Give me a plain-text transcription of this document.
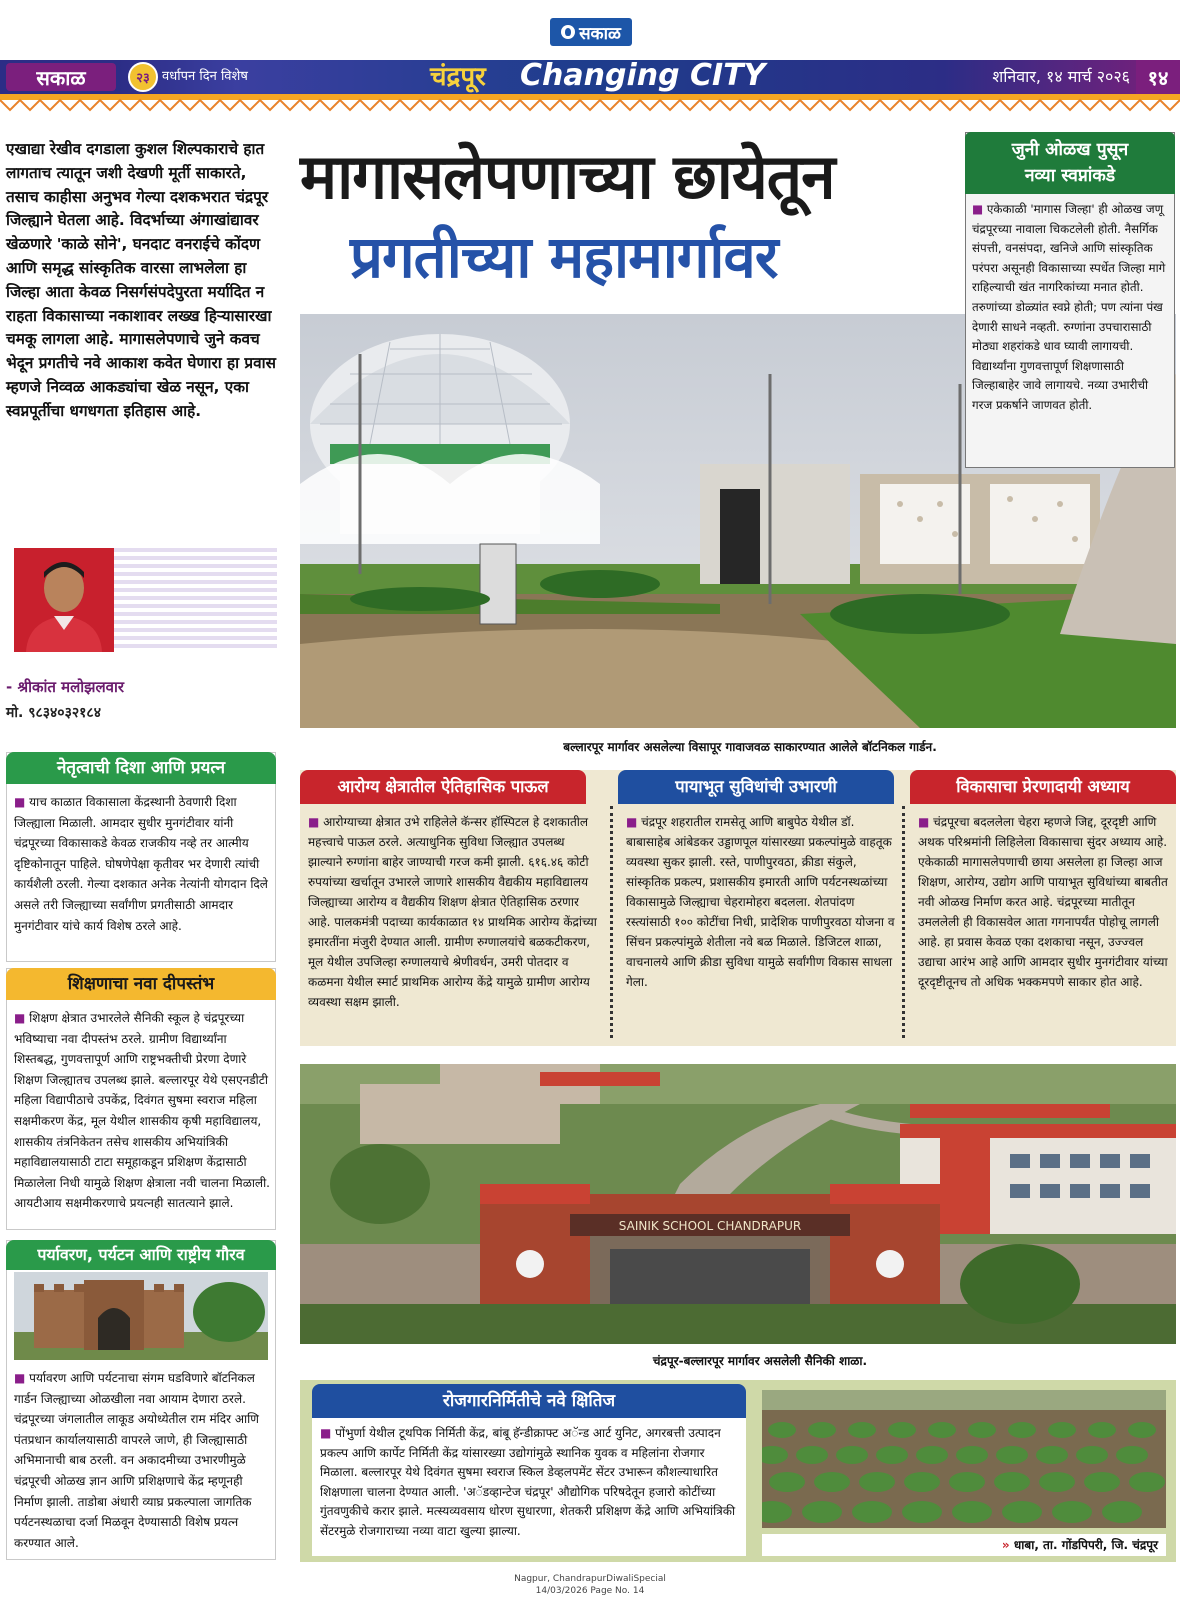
सकाळ
सकाळ	२३ वर्धापन दिन विशेष	चंद्रपूर Changing CITY	शनिवार, १४ मार्च २०२६ १४
एखाद्या रेखीव दगडाला कुशल शिल्पकाराचे हात लागताच त्यातून जशी देखणी मूर्ती साकारते, तसाच काहीसा अनुभव गेल्या दशकभरात चंद्रपूर जिल्ह्याने घेतला आहे. विदर्भाच्या अंगाखांद्यावर खेळणारे 'काळे सोने', घनदाट वनराईचे कोंदण आणि समृद्ध सांस्कृतिक वारसा लाभलेला हा जिल्हा आता केवळ निसर्गसंपदेपुरता मर्यादित न राहता विकासाच्या नकाशावर लख्ख हिऱ्यासारखा चमकू लागला आहे. मागासलेपणाचे जुने कवच भेदून प्रगतीचे नवे आकाश कवेत घेणारा हा प्रवास म्हणजे निव्वळ आकड्यांचा खेळ नसून, एका स्वप्नपूर्तीचा धगधगता इतिहास आहे.
- श्रीकांत मलोझलवार
मो. ९८३४०३२१८४
मागासलेपणाच्या छायेतून
प्रगतीच्या महामार्गावर
बल्लारपूर मार्गावर असलेल्या विसापूर गावाजवळ साकारण्यात आलेले बॉटनिकल गार्डन.
जुनी ओळख पुसून
नव्या स्वप्नांकडे
■ एकेकाळी 'मागास जिल्हा' ही ओळख जणू चंद्रपूरच्या नावाला चिकटलेली होती. नैसर्गिक संपत्ती, वनसंपदा, खनिजे आणि सांस्कृतिक परंपरा असूनही विकासाच्या स्पर्धेत जिल्हा मागे राहिल्याची खंत नागरिकांच्या मनात होती. तरुणांच्या डोळ्यांत स्वप्ने होती; पण त्यांना पंख देणारी साधने नव्हती. रुग्णांना उपचारासाठी मोठ्या शहरांकडे धाव घ्यावी लागायची. विद्यार्थ्यांना गुणवत्तापूर्ण शिक्षणासाठी जिल्हाबाहेर जावे लागायचे. नव्या उभारीची गरज प्रकर्षाने जाणवत होती.
नेतृत्वाची दिशा आणि प्रयत्न
■ याच काळात विकासाला केंद्रस्थानी ठेवणारी दिशा जिल्ह्याला मिळाली. आमदार सुधीर मुनगंटीवार यांनी चंद्रपूरच्या विकासाकडे केवळ राजकीय नव्हे तर आत्मीय दृष्टिकोनातून पाहिले. घोषणेपेक्षा कृतीवर भर देणारी त्यांची कार्यशैली ठरली. गेल्या दशकात अनेक नेत्यांनी योगदान दिले असले तरी जिल्ह्याच्या सर्वांगीण प्रगतीसाठी आमदार मुनगंटीवार यांचे कार्य विशेष ठरले आहे.
शिक्षणाचा नवा दीपस्तंभ
■ शिक्षण क्षेत्रात उभारलेले सैनिकी स्कूल हे चंद्रपूरच्या भविष्याचा नवा दीपस्तंभ ठरले. ग्रामीण विद्यार्थ्यांना शिस्तबद्ध, गुणवत्तापूर्ण आणि राष्ट्रभक्तीची प्रेरणा देणारे शिक्षण जिल्ह्यातच उपलब्ध झाले. बल्लारपूर येथे एसएनडीटी महिला विद्यापीठाचे उपकेंद्र, दिवंगत सुषमा स्वराज महिला सक्षमीकरण केंद्र, मूल येथील शासकीय कृषी महाविद्यालय, शासकीय तंत्रनिकेतन तसेच शासकीय अभियांत्रिकी महाविद्यालयासाठी टाटा समूहाकडून प्रशिक्षण केंद्रासाठी मिळालेला निधी यामुळे शिक्षण क्षेत्राला नवी चालना मिळाली. आयटीआय सक्षमीकरणाचे प्रयत्नही सातत्याने झाले.
पर्यावरण, पर्यटन आणि राष्ट्रीय गौरव
■ पर्यावरण आणि पर्यटनाचा संगम घडविणारे बॉटनिकल गार्डन जिल्ह्याच्या ओळखीला नवा आयाम देणारा ठरले. चंद्रपूरच्या जंगलातील लाकूड अयोध्येतील राम मंदिर आणि पंतप्रधान कार्यालयासाठी वापरले जाणे, ही जिल्ह्यासाठी अभिमानाची बाब ठरली. वन अकादमीच्या उभारणीमुळे चंद्रपूरची ओळख ज्ञान आणि प्रशिक्षणाचे केंद्र म्हणूनही निर्माण झाली. ताडोबा अंधारी व्याघ्र प्रकल्पाला जागतिक पर्यटनस्थळाचा दर्जा मिळवून देण्यासाठी विशेष प्रयत्न करण्यात आले.
आरोग्य क्षेत्रातील ऐतिहासिक पाऊल	पायाभूत सुविधांची उभारणी	विकासाचा प्रेरणादायी अध्याय
■ आरोग्याच्या क्षेत्रात उभे राहिलेले कॅन्सर हॉस्पिटल हे दशकातील महत्त्वाचे पाऊल ठरले. अत्याधुनिक सुविधा जिल्ह्यात उपलब्ध झाल्याने रुग्णांना बाहेर जाण्याची गरज कमी झाली. ६१६.४६ कोटी रुपयांच्या खर्चातून उभारले जाणारे शासकीय वैद्यकीय महाविद्यालय जिल्ह्याच्या आरोग्य व वैद्यकीय शिक्षण क्षेत्रात ऐतिहासिक ठरणार आहे. पालकमंत्री पदाच्या कार्यकाळात १४ प्राथमिक आरोग्य केंद्रांच्या इमारतींना मंजुरी देण्यात आली. ग्रामीण रुग्णालयांचे बळकटीकरण, मूल येथील उपजिल्हा रुग्णालयाचे श्रेणीवर्धन, उमरी पोतदार व कळमना येथील स्मार्ट प्राथमिक आरोग्य केंद्रे यामुळे ग्रामीण आरोग्य व्यवस्था सक्षम झाली.
■ चंद्रपूर शहरातील रामसेतू आणि बाबुपेठ येथील डॉ. बाबासाहेब आंबेडकर उड्डाणपूल यांसारख्या प्रकल्पांमुळे वाहतूक व्यवस्था सुकर झाली. रस्ते, पाणीपुरवठा, क्रीडा संकुले, सांस्कृतिक प्रकल्प, प्रशासकीय इमारती आणि पर्यटनस्थळांच्या विकासामुळे जिल्ह्याचा चेहरामोहरा बदलला. शेतपांदण रस्त्यांसाठी १०० कोटींचा निधी, प्रादेशिक पाणीपुरवठा योजना व सिंचन प्रकल्पांमुळे शेतीला नवे बळ मिळाले. डिजिटल शाळा, वाचनालये आणि क्रीडा सुविधा यामुळे सर्वांगीण विकास साधला गेला.
■ चंद्रपूरचा बदललेला चेहरा म्हणजे जिद्द, दूरदृष्टी आणि अथक परिश्रमांनी लिहिलेला विकासाचा सुंदर अध्याय आहे. एकेकाळी मागासलेपणाची छाया असलेला हा जिल्हा आज शिक्षण, आरोग्य, उद्योग आणि पायाभूत सुविधांच्या बाबतीत नवी ओळख निर्माण करत आहे. चंद्रपूरच्या मातीतून उमललेली ही विकासवेल आता गगनापर्यंत पोहोचू लागली आहे. हा प्रवास केवळ एका दशकाचा नसून, उज्ज्वल उद्याचा आरंभ आहे आणि आमदार सुधीर मुनगंटीवार यांच्या दूरदृष्टीतूनच तो अधिक भक्कमपणे साकार होत आहे.
SAINIK SCHOOL CHANDRAPUR
चंद्रपूर-बल्लारपूर मार्गावर असलेली सैनिकी शाळा.
रोजगारनिर्मितीचे नवे क्षितिज
■ पोंभुर्णा येथील टूथपिक निर्मिती केंद्र, बांबू हॅन्डीक्राफ्ट अॅन्ड आर्ट युनिट, अगरबत्ती उत्पादन प्रकल्प आणि कार्पेट निर्मिती केंद्र यांसारख्या उद्योगांमुळे स्थानिक युवक व महिलांना रोजगार मिळाला. बल्लारपूर येथे दिवंगत सुषमा स्वराज स्किल डेव्हलपमेंट सेंटर उभारून कौशल्याधारित शिक्षणाला चालना देण्यात आली. 'अॅडव्हान्टेज चंद्रपूर' औद्योगिक परिषदेतून हजारो कोटींच्या गुंतवणुकीचे करार झाले. मत्स्यव्यवसाय धोरण सुधारणा, शेतकरी प्रशिक्षण केंद्रे आणि अभियांत्रिकी सेंटरमुळे रोजगाराच्या नव्या वाटा खुल्या झाल्या.
» धाबा, ता. गोंडपिपरी, जि. चंद्रपूर
Nagpur, ChandrapurDiwaliSpecial
14/03/2026 Page No. 14
